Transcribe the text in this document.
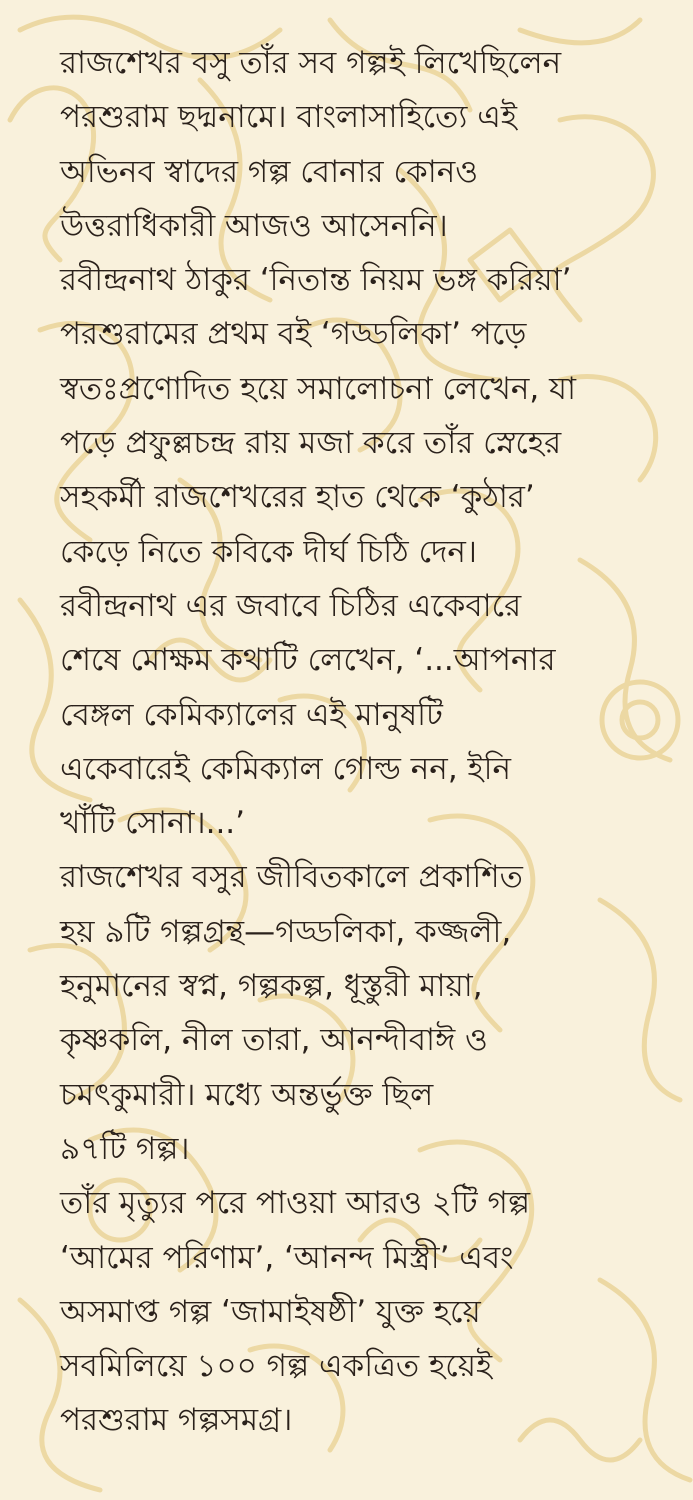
রাজশেখর বসু তাঁর সব গল্পই লিখেছিলেন
পরশুরাম ছদ্মনামে। বাংলাসাহিত্যে এই
অভিনব স্বাদের গল্প বোনার কোনও
উত্তরাধিকারী আজও আসেননি।
রবীন্দ্রনাথ ঠাকুর ‘নিতান্ত নিয়ম ভঙ্গ করিয়া’
পরশুরামের প্রথম বই ‘গড্ডলিকা’ পড়ে
স্বতঃপ্রণোদিত হয়ে সমালোচনা লেখেন, যা
পড়ে প্রফুল্লচন্দ্র রায় মজা করে তাঁর স্নেহের
সহকর্মী রাজশেখরের হাত থেকে ‘কুঠার’
কেড়ে নিতে কবিকে দীর্ঘ চিঠি দেন।
রবীন্দ্রনাথ এর জবাবে চিঠির একেবারে
শেষে মোক্ষম কথাটি লেখেন, ‘...আপনার
বেঙ্গল কেমিক্যালের এই মানুষটি
একেবারেই কেমিক্যাল গোল্ড নন, ইনি
খাঁটি সোনা।...’
রাজশেখর বসুর জীবিতকালে প্রকাশিত
হয় ৯টি গল্পগ্রন্থ—গড্ডলিকা, কজ্জলী,
হনুমানের স্বপ্ন, গল্পকল্প, ধূস্তুরী মায়া,
কৃষ্ণকলি, নীল তারা, আনন্দীবাঈ ও
চমৎকুমারী। মধ্যে অন্তর্ভুক্ত ছিল
৯৭টি গল্প।
তাঁর মৃত্যুর পরে পাওয়া আরও ২টি গল্প
‘আমের পরিণাম’, ‘আনন্দ মিস্ত্রী’ এবং
অসমাপ্ত গল্প ‘জামাইষষ্ঠী’ যুক্ত হয়ে
সবমিলিয়ে ১০০ গল্প একত্রিত হয়েই
পরশুরাম গল্পসমগ্র।
